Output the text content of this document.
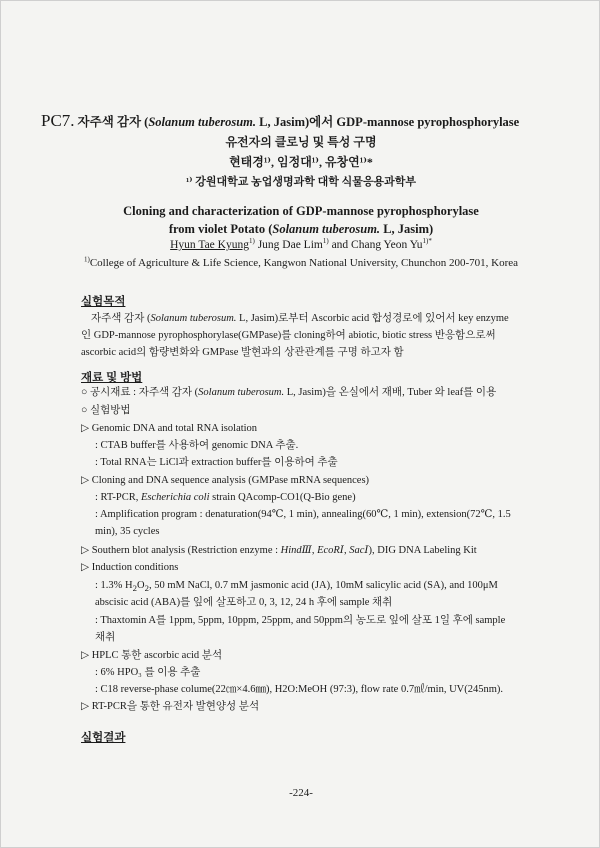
PC7. 자주색 감자 (Solanum tuberosum. L, Jasim)에서 GDP-mannose pyrophosphorylase
유전자의 클로닝 및 특성 구명
현태경¹⁾, 임정대¹⁾, 유창연¹⁾*
¹⁾ 강원대학교 농업생명과학 대학 식물응용과학부
Cloning and characterization of GDP-mannose pyrophosphorylase
from violet Potato (Solanum tuberosum. L, Jasim)
Hyun Tae Kyung$^{1)}$ Jung Dae Lim$^{1)}$ and Chang Yeon $Yu^{1)*}$
$^{1)}$College of Agriculture & Life Science, Kangwon National University, Chunchon 200-701, Korea
실험목적
자주색 감자 (Solanum tuberosum. L, Jasim)로부터 Ascorbic acid 합성경로에 있어서 key enzyme
인 GDP-mannose pyrophosphorylase(GMPase)를 cloning하여 abiotic, biotic stress 반응함으로써
ascorbic acid의 함량변화와 GMPase 발현과의 상관관계를 구명 하고자 함
재료 및 방법
○ 공시재료 : 자주색 감자 (Solanum tuberosum. L, Jasim)을 온실에서 재배, Tuber 와 leaf를 이용
○ 실험방법
▷ Genomic DNA and total RNA isolation
: CTAB buffer를 사용하여 genomic DNA 추출.
: Total RNA는 LiCl과 extraction buffer를 이용하여 추출
▷ Cloning and DNA sequence analysis (GMPase mRNA sequences)
: RT-PCR, Escherichia coli strain QAcomp-CO1(Q-Bio gene)
: Amplification program : denaturation(94℃, 1 min), annealing(60℃, 1 min), extension(72℃, 1.5
min), 35 cycles
▷ Southern blot analysis (Restriction enzyme : HindⅢ, EcoRⅠ, SacⅠ), DIG DNA Labeling Kit
▷ Induction conditions
: 1.3% $H_2O_2$, 50 mM NaCl, 0.7 mM jasmonic acid (JA), 10mM salicylic acid (SA), and 100μM
abscisic acid (ABA)를 잎에 살포하고 0, 3, 12, 24 h 후에 sample 채취
: Thaxtomin A를 1ppm, 5ppm, 10ppm, 25ppm, and 50ppm의 농도로 잎에 살포 1일 후에 sample
채취
▷ HPLC 통한 ascorbic acid 분석
: 6% HPO₃ 를 이용 추출
: C18 reverse-phase colume(22㎝×4.6㎜), H2O:MeOH (97:3), flow rate 0.7㎖/min, UV(245nm).
▷ RT-PCR을 통한 유전자 발현양성 분석
실험결과
-224-
